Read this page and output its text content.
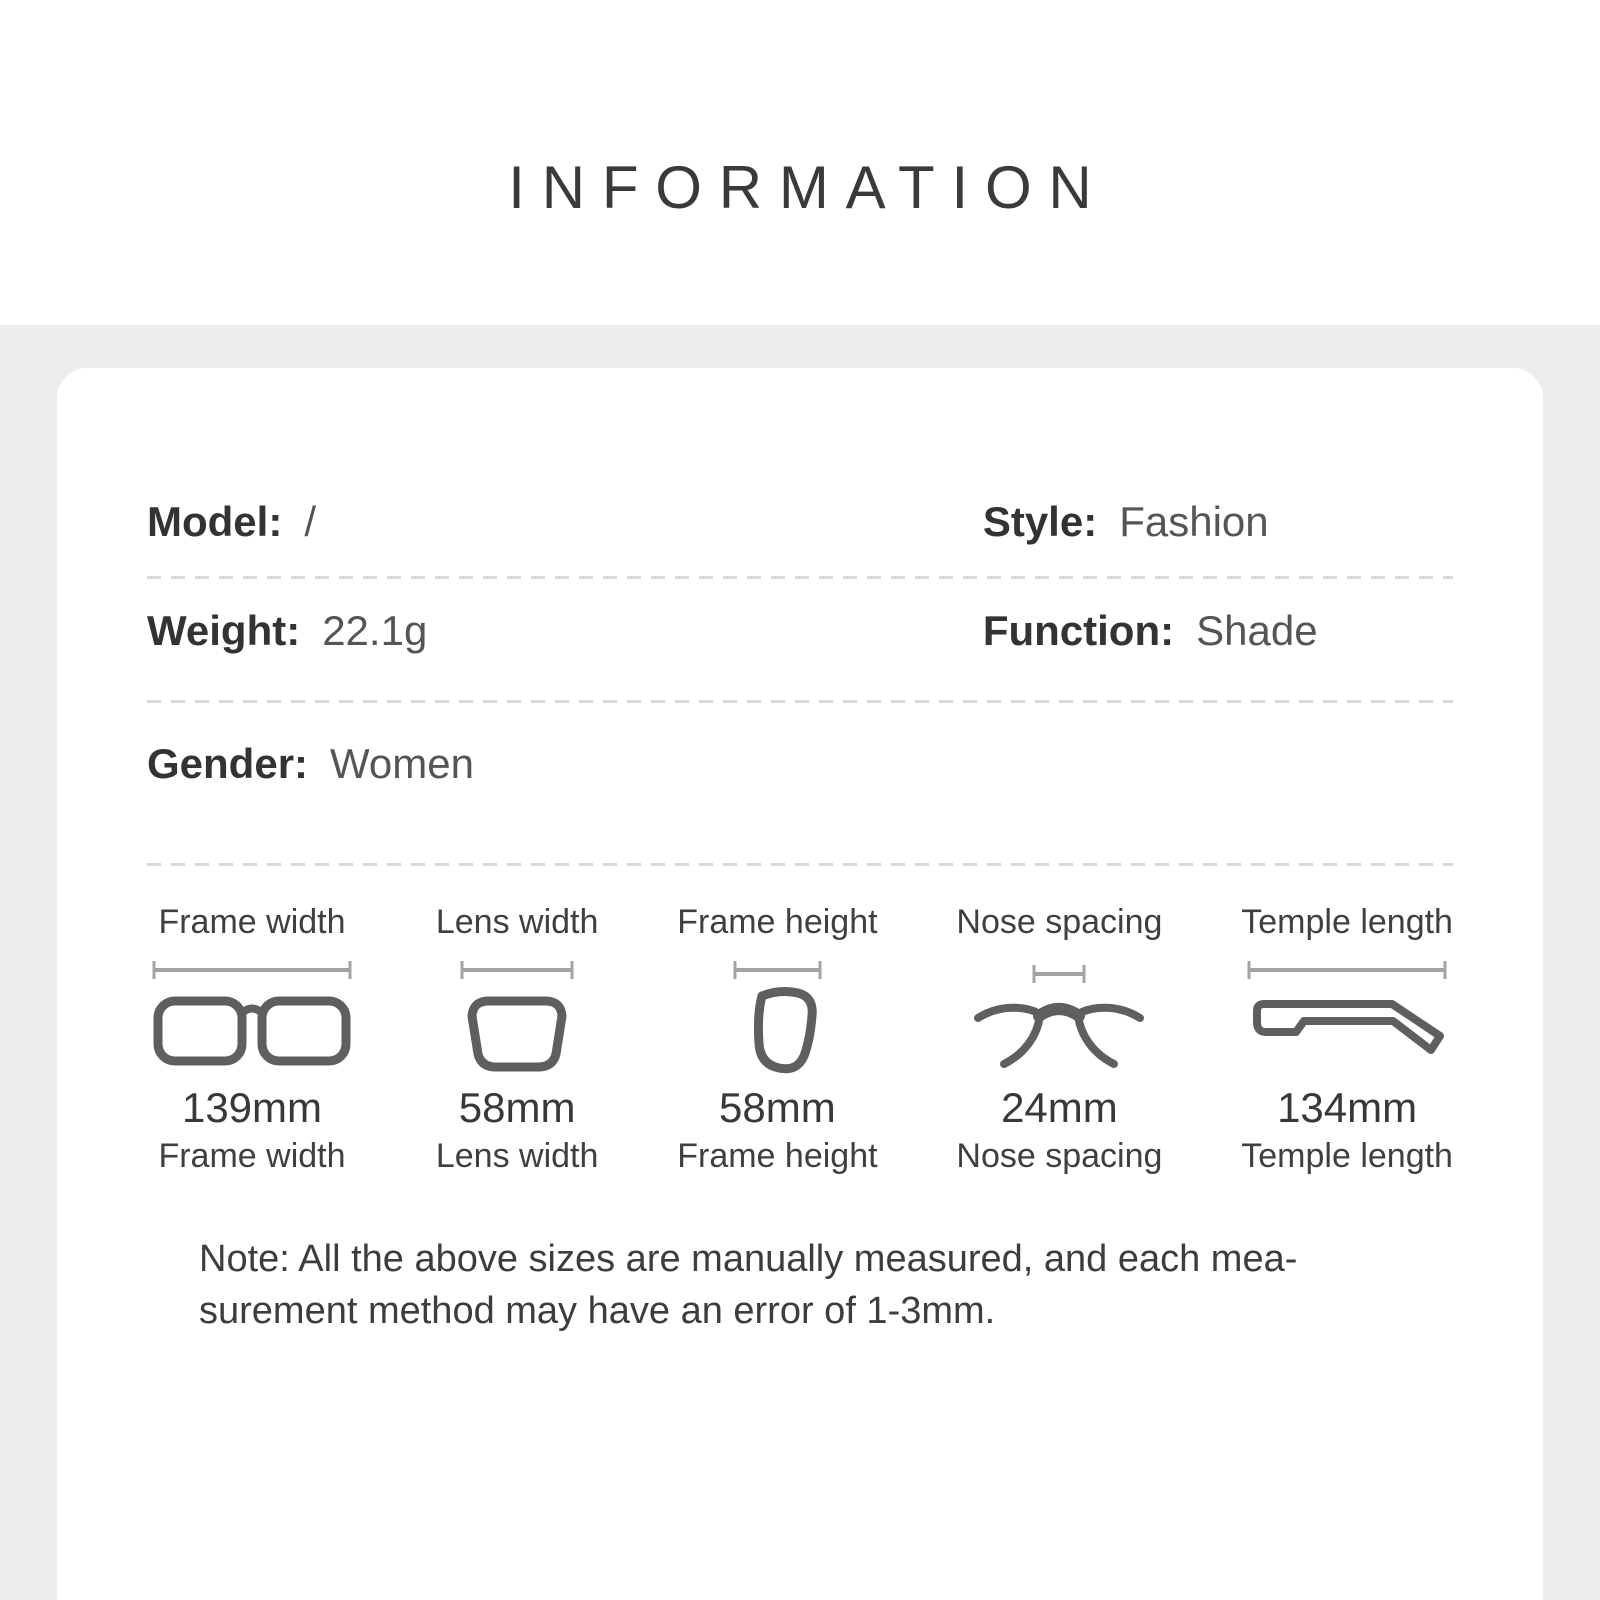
INFORMATION
Model: /	Style: Fashion
Weight: 22.1g	Function: Shade
Gender: Women
Frame width
139mm
Frame width
Lens width
58mm
Lens width
Frame height
58mm
Frame height
Nose spacing
24mm
Nose spacing
Temple length
134mm
Temple length
Note: All the above sizes are manually measured, and each mea-
surement method may have an error of 1-3mm.
